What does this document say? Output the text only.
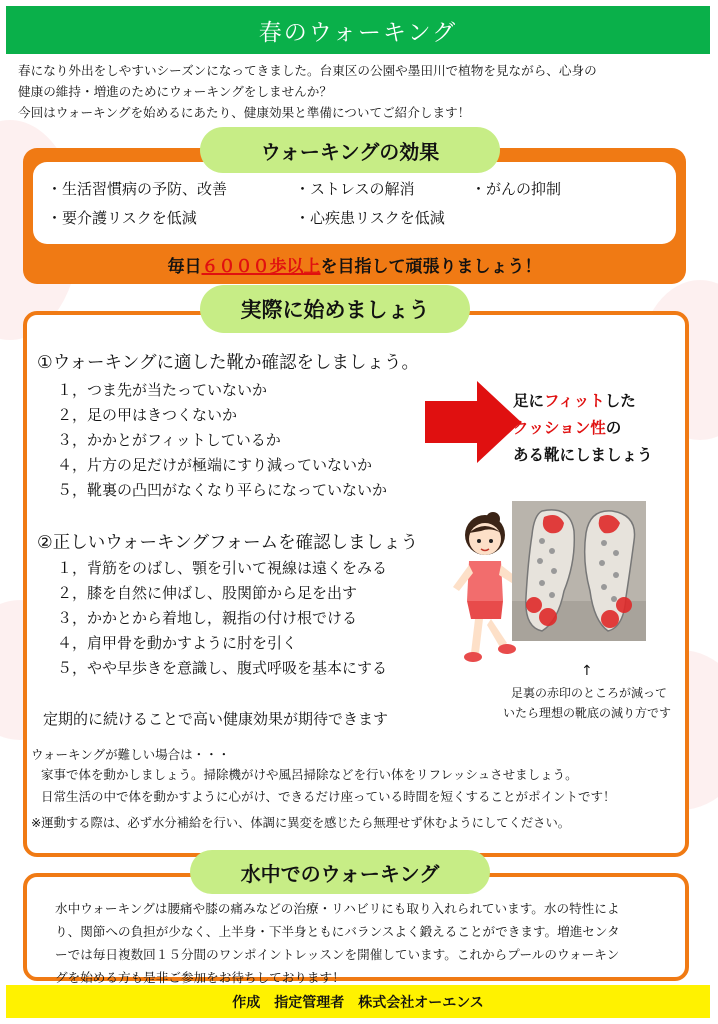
春のウォーキング

春になり外出をしやすいシーズンになってきました。台東区の公園や墨田川で植物を見ながら、心身の

健康の維持・増進のためにウォーキングをしませんか？

今回はウォーキングを始めるにあたり、健康効果と準備についてご紹介します！

・生活習慣病の予防、改善	・ストレスの解消	・がんの抑制
・要介護リスクを低減	・心疾患リスクを低減
毎日６０００歩以上を目指して頑張りましょう！
ウォーキングの効果
①ウォーキングに適した靴か確認をしましょう。
１，つま先が当たっていないか
２，足の甲はきつくないか
３，かかとがフィットしているか
４，片方の足だけが極端にすり減っていないか
５，靴裏の凸凹がなくなり平らになっていないか
足にフィットした
クッション性の
ある靴にしましょう
②正しいウォーキングフォームを確認しましょう
１，背筋をのばし、顎を引いて視線は遠くをみる
２，膝を自然に伸ばし、股関節から足を出す
３，かかとから着地し，親指の付け根でける
４，肩甲骨を動かすように肘を引く
５，やや早歩きを意識し、腹式呼吸を基本にする	↑
足裏の赤印のところが減って
いたら理想の靴底の減り方です
定期的に続けることで高い健康効果が期待できます
ウォーキングが難しい場合は・・・
家事で体を動かしましょう。掃除機がけや風呂掃除などを行い体をリフレッシュさせましょう。
日常生活の中で体を動かすように心がけ、できるだけ座っている時間を短くすることがポイントです！
※運動する際は、必ず水分補給を行い、体調に異変を感じたら無理せず休むようにしてください。
実際に始めましょう

水中ウォーキングは腰痛や膝の痛みなどの治療・リハビリにも取り入れられています。水の特性によ

り、関節への負担が少なく、上半身・下半身ともにバランスよく鍛えることができます。増進センタ

ーでは毎日複数回１５分間のワンポイントレッスンを開催しています。これからプールのウォーキン

グを始める方も是非ご参加をお待ちしております！

水中でのウォーキング
作成　指定管理者　株式会社オーエンス
